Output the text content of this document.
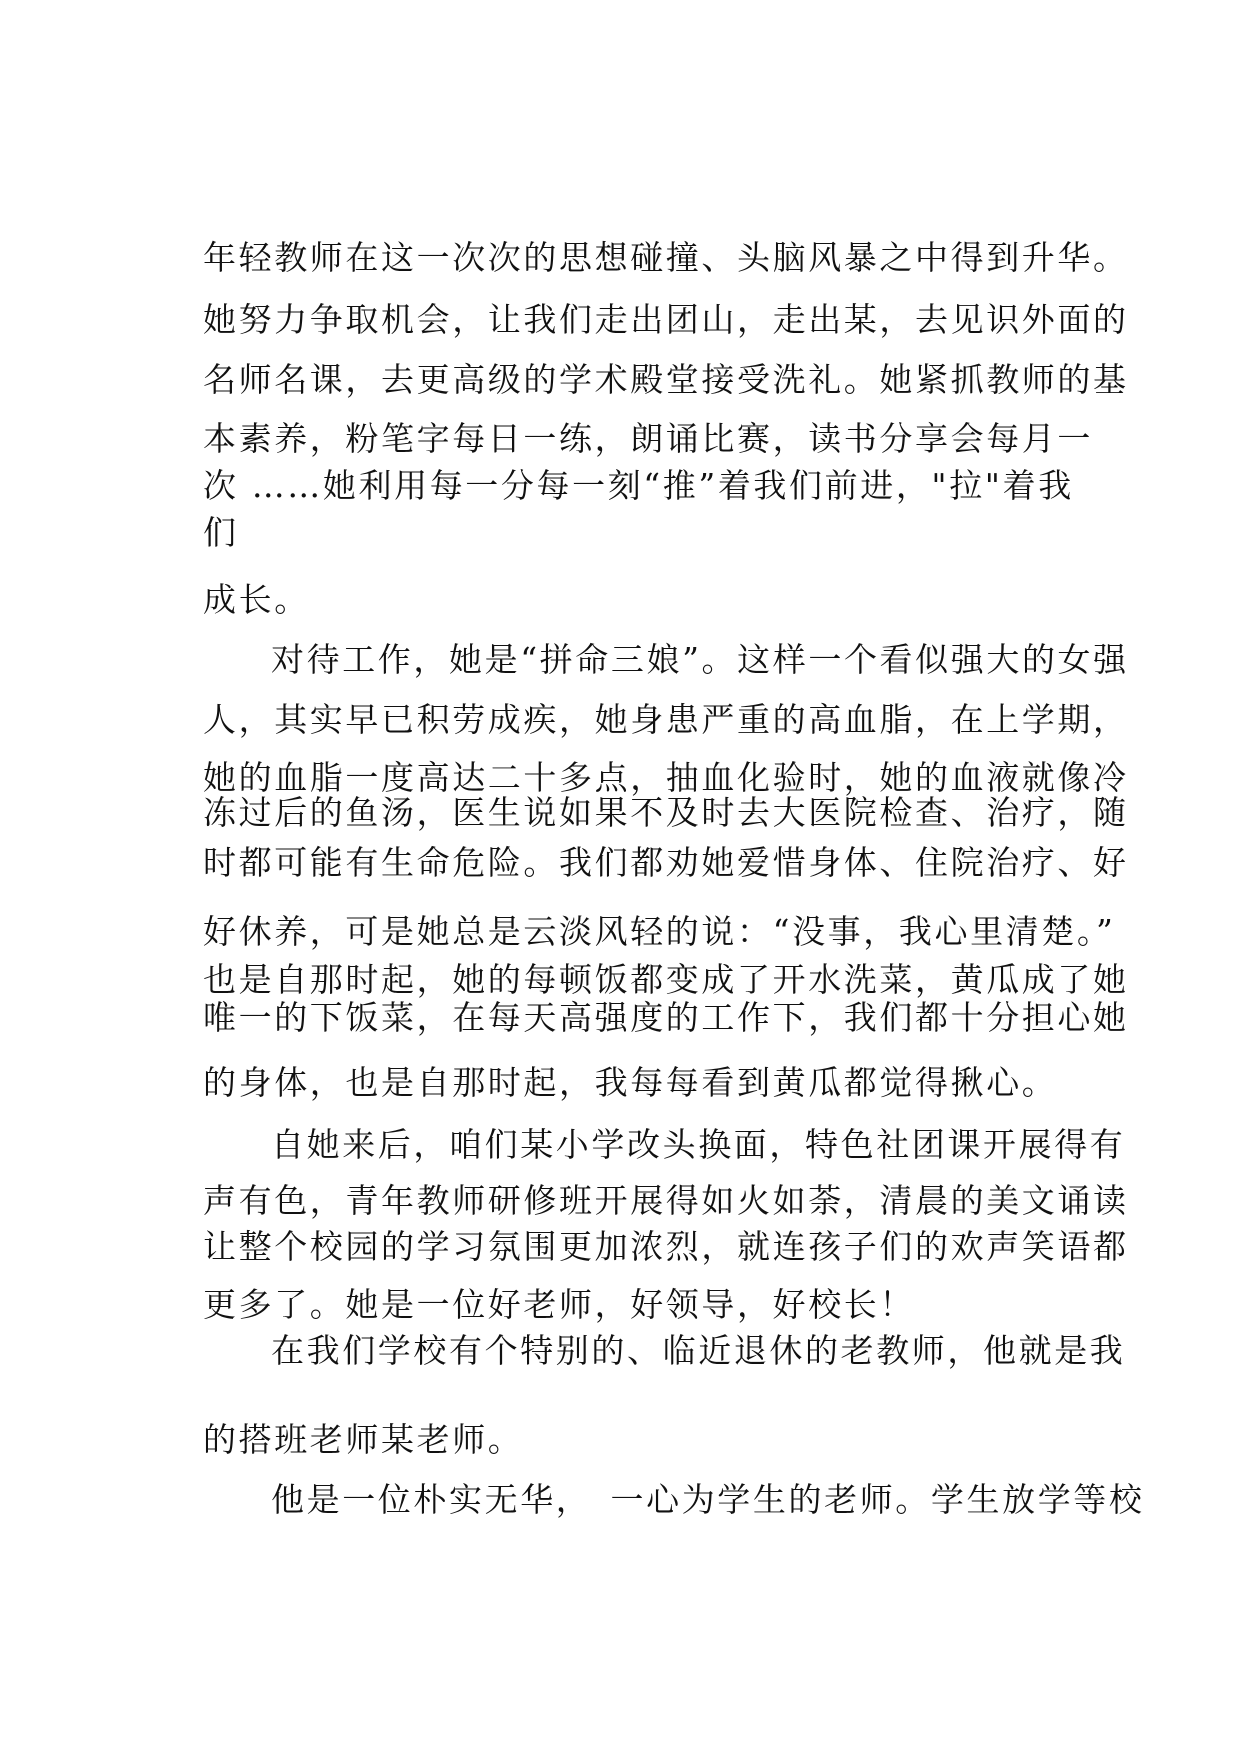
年轻教师在这一次次的思想碰撞、头脑风暴之中得到升华。
她努力争取机会，让我们走出团山，走出某，去见识外面的
名师名课，去更高级的学术殿堂接受洗礼。她紧抓教师的基
本素养，粉笔字每日一练，朗诵比赛，读书分享会每月一
次 ……她利用每一分每一刻“推”着我们前进，"拉"着我
们
成长。
对待工作，她是“拼命三娘”。这样一个看似强大的女强
人，其实早已积劳成疾，她身患严重的高血脂，在上学期，
她的血脂一度高达二十多点，抽血化验时，她的血液就像冷
冻过后的鱼汤，医生说如果不及时去大医院检查、治疗，随
时都可能有生命危险。我们都劝她爱惜身体、住院治疗、好
好休养，可是她总是云淡风轻的说：“没事，我心里清楚。”
也是自那时起，她的每顿饭都变成了开水洗菜，黄瓜成了她
唯一的下饭菜，在每天高强度的工作下，我们都十分担心她
的身体，也是自那时起，我每每看到黄瓜都觉得揪心。
自她来后，咱们某小学改头换面，特色社团课开展得有
声有色，青年教师研修班开展得如火如荼，清晨的美文诵读
让整个校园的学习氛围更加浓烈，就连孩子们的欢声笑语都
更多了。她是一位好老师，好领导，好校长！
在我们学校有个特别的、临近退休的老教师，他就是我
的搭班老师某老师。
他是一位朴实无华，　一心为学生的老师。学生放学等校
